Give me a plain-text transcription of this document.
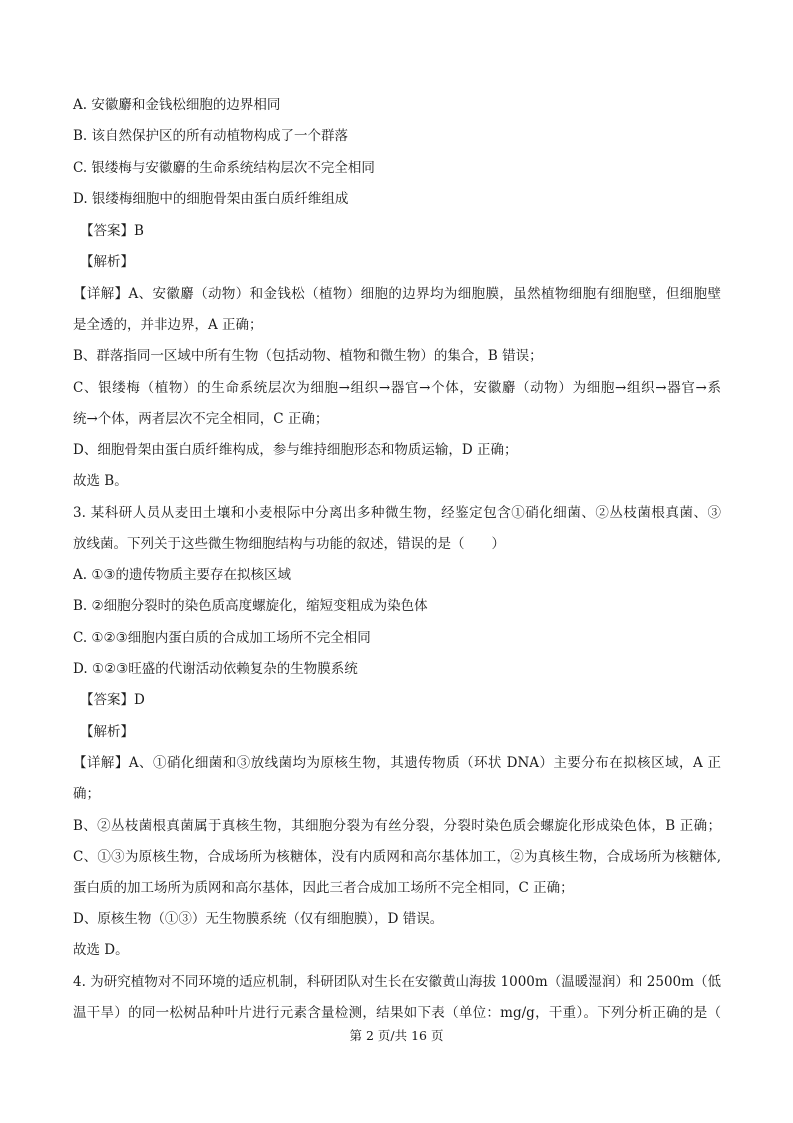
A. 安徽麝和金钱松细胞的边界相同
B. 该自然保护区的所有动植物构成了一个群落
C. 银缕梅与安徽麝的生命系统结构层次不完全相同
D. 银缕梅细胞中的细胞骨架由蛋白质纤维组成
【答案】B
【解析】
【详解】A、安徽麝（动物）和金钱松（植物）细胞的边界均为细胞膜，虽然植物细胞有细胞壁，但细胞壁
是全透的，并非边界，A 正确；
B、群落指同一区域中所有生物（包括动物、植物和微生物）的集合，B 错误；
C、银缕梅（植物）的生命系统层次为细胞→组织→器官→个体，安徽麝（动物）为细胞→组织→器官→系
统→个体，两者层次不完全相同，C 正确；
D、细胞骨架由蛋白质纤维构成，参与维持细胞形态和物质运输，D 正确；
故选 B。
3. 某科研人员从麦田土壤和小麦根际中分离出多种微生物，经鉴定包含①硝化细菌、②丛枝菌根真菌、③
放线菌。下列关于这些微生物细胞结构与功能的叙述，错误的是（　　）
A. ①③的遗传物质主要存在拟核区域
B. ②细胞分裂时的染色质高度螺旋化，缩短变粗成为染色体
C. ①②③细胞内蛋白质的合成加工场所不完全相同
D. ①②③旺盛的代谢活动依赖复杂的生物膜系统
【答案】D
【解析】
【详解】A、①硝化细菌和③放线菌均为原核生物，其遗传物质（环状 DNA）主要分布在拟核区域，A 正
确；
B、②丛枝菌根真菌属于真核生物，其细胞分裂为有丝分裂，分裂时染色质会螺旋化形成染色体，B 正确；
C、①③为原核生物，合成场所为核糖体，没有内质网和高尔基体加工，②为真核生物，合成场所为核糖体,
蛋白质的加工场所为质网和高尔基体，因此三者合成加工场所不完全相同，C 正确；
D、原核生物（①③）无生物膜系统（仅有细胞膜），D 错误。
故选 D。
4. 为研究植物对不同环境的适应机制，科研团队对生长在安徽黄山海拔 1000m（温暖湿润）和 2500m（低
温干旱）的同一松树品种叶片进行元素含量检测，结果如下表（单位：mg/g，干重）。下列分析正确的是（
第 2 页/共 16 页
